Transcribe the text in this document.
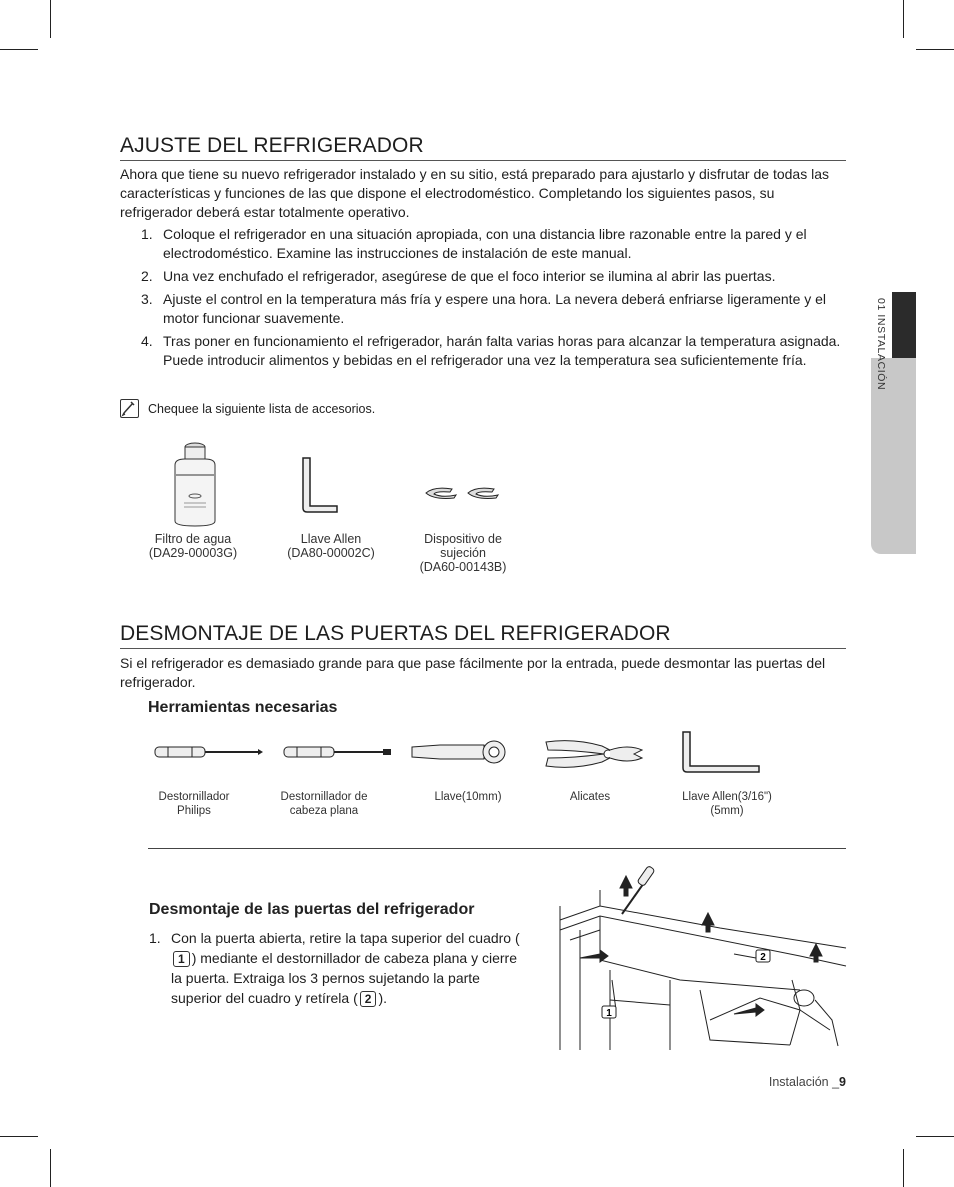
01 INSTALACIÓN
AJUSTE DEL REFRIGERADOR
Ahora que tiene su nuevo refrigerador instalado y en su sitio, está preparado para ajustarlo y disfrutar de todas las características y funciones de las que dispone el electrodoméstico. Completando los siguientes pasos, su refrigerador deberá estar totalmente operativo.
1. Coloque el refrigerador en una situación apropiada, con una distancia libre razonable entre la pared y el electrodoméstico. Examine las instrucciones de instalación de este manual.
2. Una vez enchufado el refrigerador, asegúrese de que el foco interior se ilumina al abrir las puertas.
3. Ajuste el control en la temperatura más fría y espere una hora. La nevera deberá enfriarse ligeramente y el motor funcionar suavemente.
4. Tras poner en funcionamiento el refrigerador, harán falta varias horas para alcanzar la temperatura asignada. Puede introducir alimentos y bebidas en el refrigerador una vez la temperatura sea suficientemente fría.
Chequee la siguiente lista de accesorios.
Filtro de agua
(DA29-00003G)
Llave Allen
(DA80-00002C)
Dispositivo de sujeción
(DA60-00143B)
DESMONTAJE DE LAS PUERTAS DEL REFRIGERADOR
Si el refrigerador es demasiado grande para que pase fácilmente por la entrada, puede desmontar las puertas del refrigerador.
Herramientas necesarias
Destornillador
Philips
Destornillador de
cabeza plana
Llave(10mm)	Alicates	Llave Allen(3/16")
(5mm)
Desmontaje de las puertas del refrigerador
1. Con la puerta abierta, retire la tapa superior del cuadro (1 ) mediante el destornillador de cabeza plana y cierre la puerta. Extraiga los 3 pernos sujetando la parte superior del cuadro y retírela ( 2 ).
1
2
Instalación _9
